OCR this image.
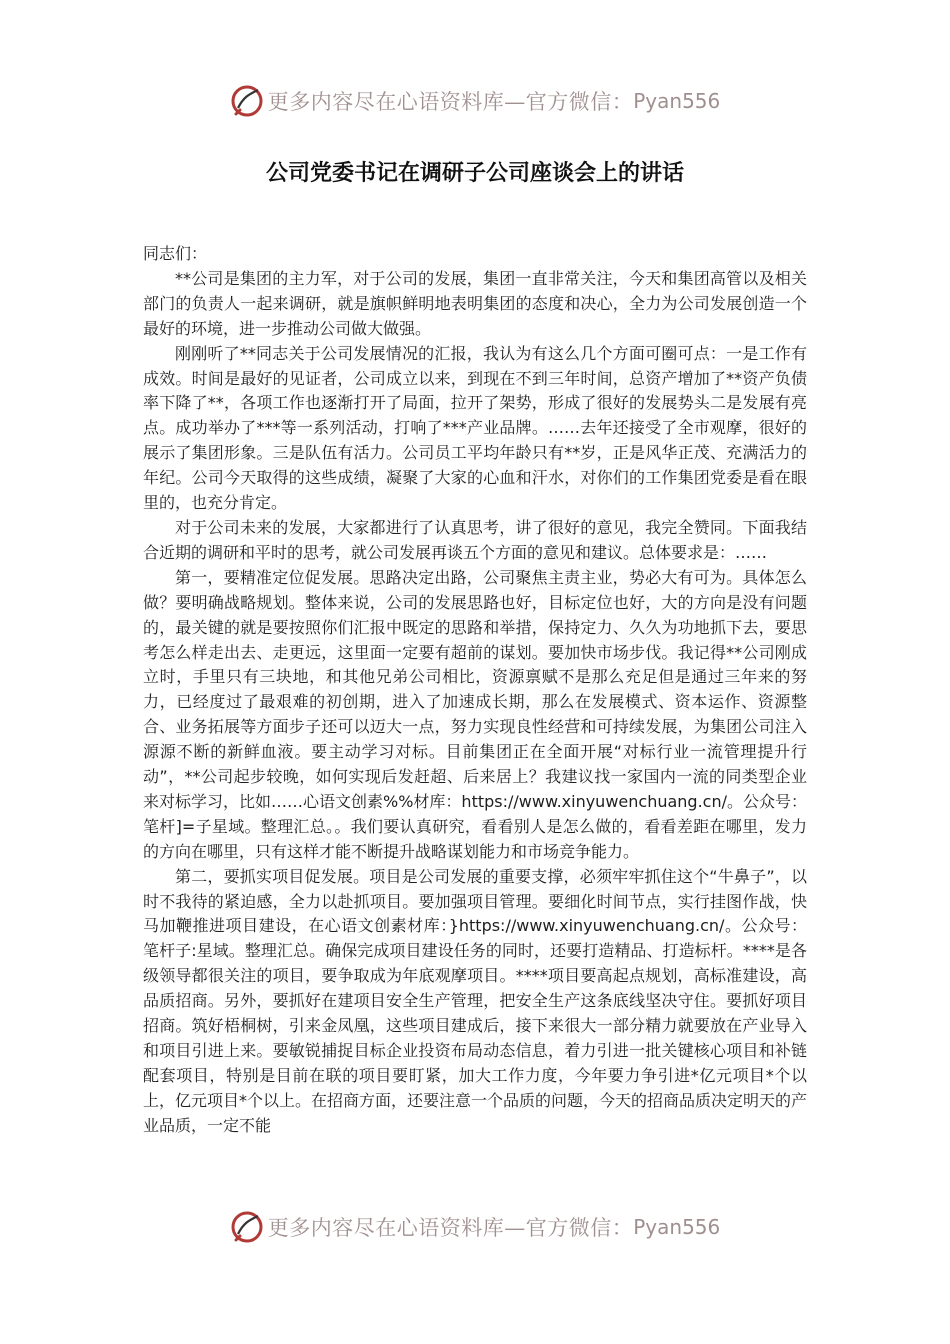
更多内容尽在心语资料库—官方微信： Pyan556
公司党委书记在调研子公司座谈会上的讲话

同志们：

**公司是集团的主力军，对于公司的发展，集团一直非常关注，今天和集团高管以及相关部门的负责人一起来调研，就是旗帜鲜明地表明集团的态度和决心，全力为公司发展创造一个最好的环境，进一步推动公司做大做强。

刚刚听了**同志关于公司发展情况的汇报，我认为有这么几个方面可圈可点：一是工作有成效。时间是最好的见证者，公司成立以来，到现在不到三年时间，总资产增加了**资产负债率下降了**，各项工作也逐渐打开了局面，拉开了架势，形成了很好的发展势头二是发展有亮点。成功举办了***等一系列活动，打响了***产业品牌。……去年还接受了全市观摩，很好的展示了集团形象。三是队伍有活力。公司员工平均年龄只有**岁，正是风华正茂、充满活力的年纪。公司今天取得的这些成绩，凝聚了大家的心血和汗水，对你们的工作集团党委是看在眼里的，也充分肯定。

对于公司未来的发展，大家都进行了认真思考，讲了很好的意见，我完全赞同。下面我结合近期的调研和平时的思考，就公司发展再谈五个方面的意见和建议。总体要求是：……

第一，要精准定位促发展。思路决定出路，公司聚焦主责主业，势必大有可为。具体怎么做？要明确战略规划。整体来说，公司的发展思路也好，目标定位也好，大的方向是没有问题的，最关键的就是要按照你们汇报中既定的思路和举措，保持定力、久久为功地抓下去，要思考怎么样走出去、走更远，这里面一定要有超前的谋划。要加快市场步伐。我记得**公司刚成立时，手里只有三块地，和其他兄弟公司相比，资源禀赋不是那么充足但是通过三年来的努力，已经度过了最艰难的初创期，进入了加速成长期，那么在发展模式、资本运作、资源整合、业务拓展等方面步子还可以迈大一点，努力实现良性经营和可持续发展，为集团公司注入源源不断的新鲜血液。要主动学习对标。目前集团正在全面开展“对标行业一流管理提升行动”，**公司起步较晚，如何实现后发赶超、后来居上？我建议找一家国内一流的同类型企业来对标学习，比如……心语文创素%%材库：https://www.xinyuwenchuang.cn/。公众号：笔杆]=子星域。整理汇总。。我们要认真研究，看看别人是怎么做的，看看差距在哪里，发力的方向在哪里，只有这样才能不断提升战略谋划能力和市场竞争能力。

第二，要抓实项目促发展。项目是公司发展的重要支撑，必须牢牢抓住这个“牛鼻子”，以时不我待的紧迫感，全力以赴抓项目。要加强项目管理。要细化时间节点，实行挂图作战，快马加鞭推进项目建设，在心语文创素材库：}https://www.xinyuwenchuang.cn/。公众号：笔杆子:星域。整理汇总。确保完成项目建设任务的同时，还要打造精品、打造标杆。****是各级领导都很关注的项目，要争取成为年底观摩项目。****项目要高起点规划，高标准建设，高品质招商。另外，要抓好在建项目安全生产管理，把安全生产这条底线坚决守住。要抓好项目招商。筑好梧桐树，引来金凤凰，这些项目建成后，接下来很大一部分精力就要放在产业导入和项目引进上来。要敏锐捕捉目标企业投资布局动态信息，着力引进一批关键核心项目和补链配套项目，特别是目前在联的项目要盯紧，加大工作力度，今年要力争引进*亿元项目*个以上，亿元项目*个以上。在招商方面，还要注意一个品质的问题，今天的招商品质决定明天的产业品质，一定不能

更多内容尽在心语资料库—官方微信： Pyan556
